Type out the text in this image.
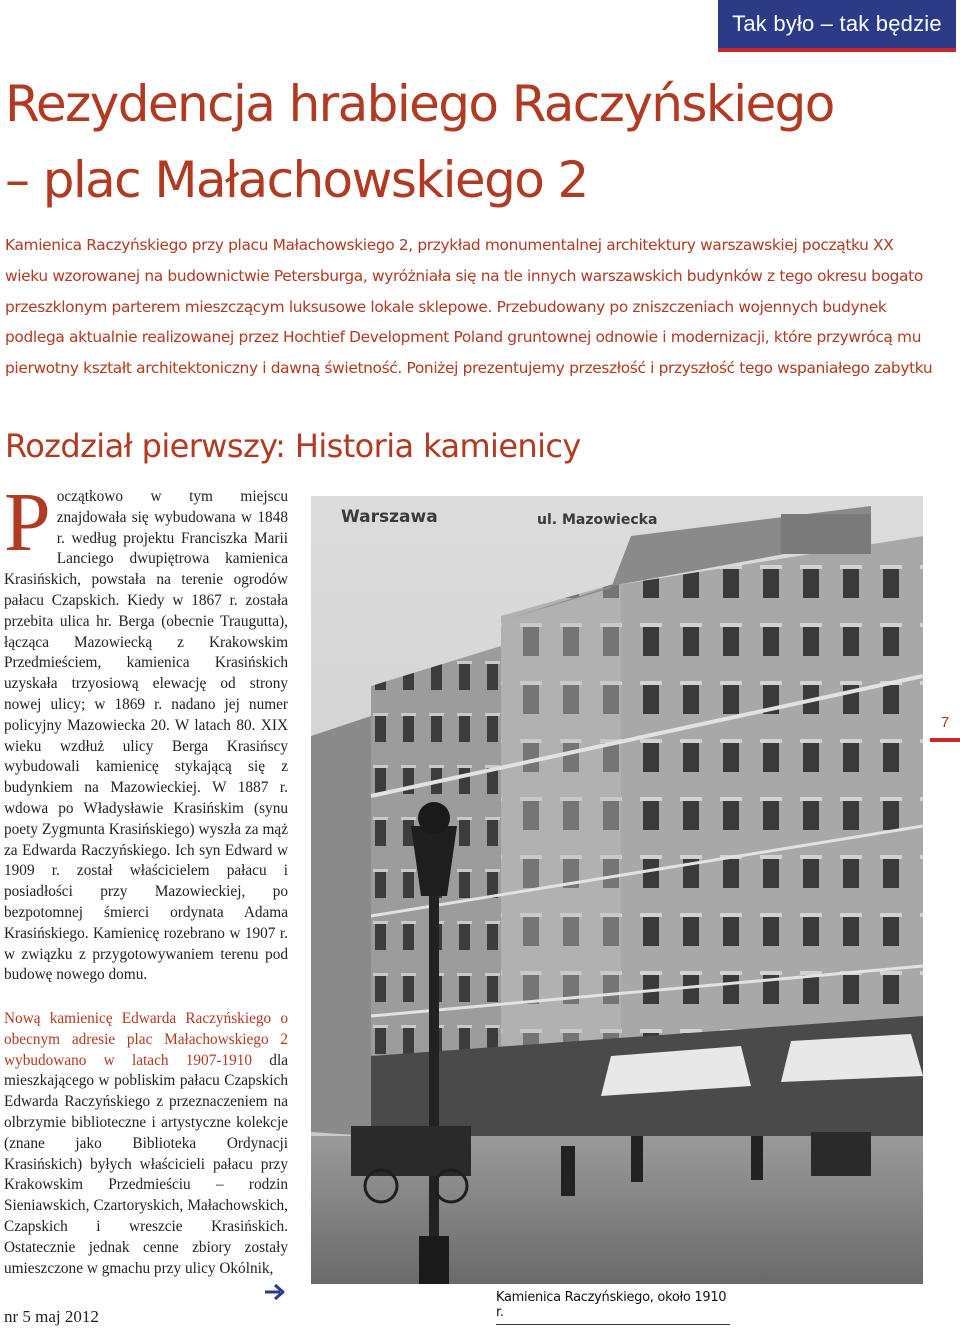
Tak było – tak będzie
Rezydencja hrabiego Raczyńskiego
– plac Małachowskiego 2

Kamienica Raczyńskiego przy placu Małachowskiego 2, przykład monumentalnej architektury warszawskiej początku XX wieku wzorowanej na budownictwie Petersburga, wyróżniała się na tle innych warszawskich budynków z tego okresu bogato przeszklonym parterem mieszczącym luksusowe lokale sklepowe. Przebudowany po zniszczeniach wojennych budynek podlega aktualnie realizowanej przez Hochtief Development Poland gruntownej odnowie i modernizacji, które przywrócą mu pierwotny kształt architektoniczny i dawną świetność. Poniżej prezentujemy przeszłość i przyszłość tego wspaniałego zabytku

Rozdział pierwszy: Historia kamienicy
Początkowo w tym miejscu znajdowała się wybudowana w 1848 r. według projektu Franciszka Marii Lanciego dwupiętrowa kamienica Krasińskich, powstała na terenie ogrodów pałacu Czapskich. Kiedy w 1867 r. została przebita ulica hr. Berga (obecnie Traugutta), łącząca Mazowiecką z Krakowskim Przedmieściem, kamienica Krasińskich uzyskała trzyosiową elewację od strony nowej ulicy; w 1869 r. nadano jej numer policyjny Mazowiecka 20. W latach 80. XIX wieku wzdłuż ulicy Berga Krasińscy wybudowali kamienicę stykającą się z budynkiem na Mazowieckiej. W 1887 r. wdowa po Władysławie Krasińskim (synu poety Zygmunta Krasińskiego) wyszła za mąż za Edwarda Raczyńskiego. Ich syn Edward w 1909 r. został właścicielem pałacu i posiadłości przy Mazowieckiej, po bezpotomnej śmierci ordynata Adama Krasińskiego. Kamienicę rozebrano w 1907 r. w związku z przygotowywaniem terenu pod budowę nowego domu.
Nową kamienicę Edwarda Raczyńskiego o obecnym adresie plac Małachowskiego 2 wybudowano w latach 1907-1910 dla mieszkającego w pobliskim pałacu Czapskich Edwarda Raczyńskiego z przeznaczeniem na olbrzymie biblioteczne i artystyczne kolekcje (znane jako Biblioteka Ordynacji Krasińskich) byłych właścicieli pałacu przy Krakowskim Przedmieściu – rodzin Sieniawskich, Czartoryskich, Małachowskich, Czapskich i wreszcie Krasińskich. Ostatecznie jednak cenne zbiory zostały umieszczone w gmachu przy ulicy Okólnik,
nr 5 maj 2012
Warszawa	ul. Mazowiecka
Kamienica Raczyńskiego, około 1910 r.
7
